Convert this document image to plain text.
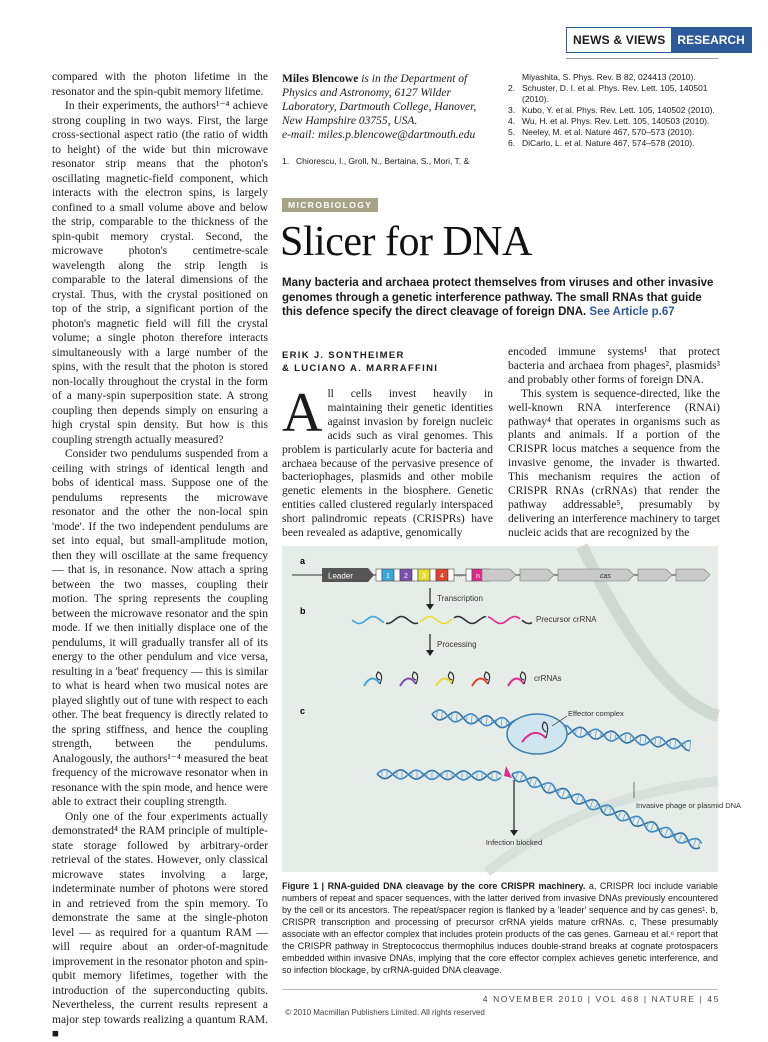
NEWS & VIEWS	RESEARCH

compared with the photon lifetime in the resonator and the spin-qubit memory lifetime.

In their experiments, the authors¹⁻⁴ achieve strong coupling in two ways. First, the large cross-sectional aspect ratio (the ratio of width to height) of the wide but thin microwave resonator strip means that the photon's oscillating magnetic-field component, which interacts with the electron spins, is largely confined to a small volume above and below the strip, comparable to the thickness of the spin-qubit memory crystal. Second, the microwave photon's centimetre-scale wavelength along the strip length is comparable to the lateral dimensions of the crystal. Thus, with the crystal positioned on top of the strip, a significant portion of the photon's magnetic field will fill the crystal volume; a single photon therefore interacts simultaneously with a large number of the spins, with the result that the photon is stored non-locally throughout the crystal in the form of a many-spin superposition state. A strong coupling then depends simply on ensuring a high crystal spin density. But how is this coupling strength actually measured?

Consider two pendulums suspended from a ceiling with strings of identical length and bobs of identical mass. Suppose one of the pendulums represents the microwave resonator and the other the non-local spin 'mode'. If the two independent pendulums are set into equal, but small-amplitude motion, then they will oscillate at the same frequency — that is, in resonance. Now attach a spring between the two masses, coupling their motion. The spring represents the coupling between the microwave resonator and the spin mode. If we then initially displace one of the pendulums, it will gradually transfer all of its energy to the other pendulum and vice versa, resulting in a 'beat' frequency — this is similar to what is heard when two musical notes are played slightly out of tune with respect to each other. The beat frequency is directly related to the spring stiffness, and hence the coupling strength, between the pendulums. Analogously, the authors¹⁻⁴ measured the beat frequency of the microwave resonator when in resonance with the spin mode, and hence were able to extract their coupling strength.

Only one of the four experiments actually demonstrated⁴ the RAM principle of multiple-state storage followed by arbitrary-order retrieval of the states. However, only classical microwave states involving a large, indeterminate number of photons were stored in and retrieved from the spin memory. To demonstrate the same at the single-photon level — as required for a quantum RAM — will require about an order-of-magnitude improvement in the resonator photon and spin-qubit memory lifetimes, together with the introduction of the superconducting qubits. Nevertheless, the current results represent a major step towards realizing a quantum RAM. ■

Miles Blencowe is in the Department of Physics and Astronomy, 6127 Wilder Laboratory, Dartmouth College, Hanover, New Hampshire 03755, USA.
e-mail: miles.p.blencowe@dartmouth.edu
1. Chiorescu, I., Groll, N., Bertaina, S., Mori, T. &
Miyashita, S. Phys. Rev. B 82, 024413 (2010).
2. Schuster, D. I. et al. Phys. Rev. Lett. 105, 140501 (2010).
3. Kubo, Y. et al. Phys. Rev. Lett. 105, 140502 (2010).
4. Wu, H. et al. Phys. Rev. Lett. 105, 140503 (2010).
5. Neeley, M. et al. Nature 467, 570–573 (2010).
6. DiCarlo, L. et al. Nature 467, 574–578 (2010).
MICROBIOLOGY
Slicer for DNA
Many bacteria and archaea protect themselves from viruses and other invasive genomes through a genetic interference pathway. The small RNAs that guide this defence specify the direct cleavage of foreign DNA. See Article p.67
ERIK J. SONTHEIMER
& LUCIANO A. MARRAFFINI
All cells invest heavily in maintaining their genetic identities against invasion by foreign nucleic acids such as viral genomes. This problem is particularly acute for bacteria and archaea because of the pervasive presence of bacteriophages, plasmids and other mobile genetic elements in the biosphere. Genetic entities called clustered regularly interspaced short palindromic repeats (CRISPRs) have been revealed as adaptive, genomically

encoded immune systems¹ that protect bacteria and archaea from phages², plasmids³ and probably other forms of foreign DNA.

This system is sequence-directed, like the well-known RNA interference (RNAi) pathway⁴ that operates in organisms such as plants and animals. If a portion of the CRISPR locus matches a sequence from the invasive genome, the invader is thwarted. This mechanism requires the action of CRISPR RNAs (crRNAs) that render the pathway addressable⁵, presumably by delivering an interference machinery to target nucleic acids that are recognized by the

a
b
c
Leader	1 2 3 4 ··· n	cas
Transcription
Precursor crRNA
Processing
crRNAs
Effector complex
Infection blocked
Invasive phage or plasmid DNA
Figure 1 | RNA-guided DNA cleavage by the core CRISPR machinery. a, CRISPR loci include variable numbers of repeat and spacer sequences, with the latter derived from invasive DNAs previously encountered by the cell or its ancestors. The repeat/spacer region is flanked by a 'leader' sequence and by cas genes¹. b, CRISPR transcription and processing of precursor crRNA yields mature crRNAs. c, These presumably associate with an effector complex that includes protein products of the cas genes. Garneau et al.⁶ report that the CRISPR pathway in Streptococcus thermophilus induces double-strand breaks at cognate protospacers embedded within invasive DNAs, implying that the core effector complex achieves genetic interference, and so infection blockage, by crRNA-guided DNA cleavage.
4 NOVEMBER 2010 | VOL 468 | NATURE | 45
© 2010 Macmillan Publishers Limited. All rights reserved
